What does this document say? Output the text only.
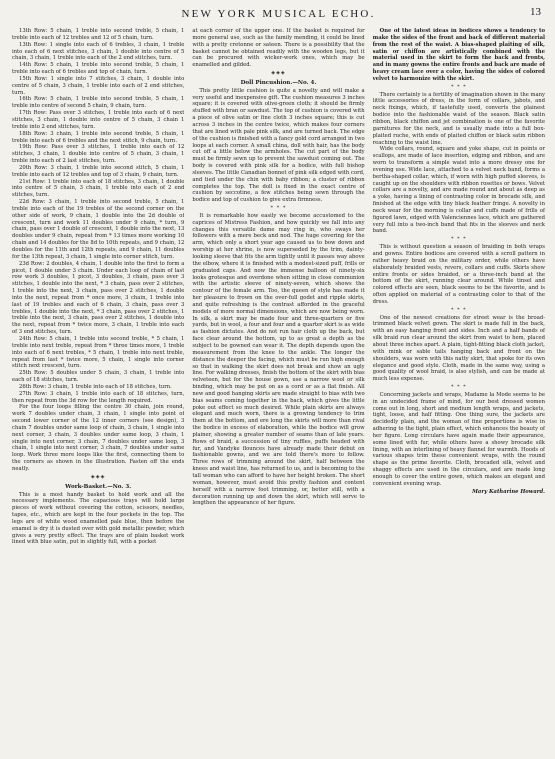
NEW YORK MUSICAL ECHO.	13

13th Row: 5 chain, 1 treble into second treble, 5 chain, 1 treble into each of 12 trebles and 12 of 5 chain, turn.

13th Row: 1 single into each of 6 trebles, 3 chain, 1 treble into each of 6 next stitches, 3 chain, 1 double into centre of 5 chain, 3 chain, 1 treble into each of the 2 end stitches, turn.

14th Row: 5 chain, 1 treble into second treble, 5 chain, 1 treble into each of 6 trebles and top of chain, turn.

15th Row: 1 single into 7 stitches, 3 chain, 1 double into centre of 5 chain, 3 chain, 1 treble into each of 2 end stitches, turn.

16th Row: 5 chain, 1 treble into second treble, 5 chain, 1 treble into centre of second 5 chain, 9 chain, turn.

17th Row: Pass over 3 stitches, 1 treble into each of 6 next stitches, 3 chain, 1 double into centre of 5 chain, 3 chain 1 treble into 2 end stitches, turn.

18th Row: 3 chain, 1 treble into second treble, 5 chain, 1 treble into each of 6 trebles and the next stitch, 9 chain, turn.

19th Row: Pass over 3 stitches, 1 treble into each of 12 stitches, 3 chain, 1 double into centre of 5 chain, 3 chain, 1 treble into each of 2 last stitches, turn.

20th Row: 3 chain, 1 treble into second stitch, 5 chain, 1 treble into each of 12 trebles and top of 3 chain, 9 chain, turn.

21st Row: 1 treble into each of 18 stitches, 3 chain, 1 double into centre of 5 chain, 3 chain, 1 treble into each of 2 end stitches, turn.

22d Row: 3 chain, 1 treble into second treble, 5 chain, 1 treble into each of the 19 trebles of the second corner on the other side of work, 9 chain, 1 double into the 2d double of crescent, turn and work 11 doubles under 9 chain, * turn, 9 chain, pass over 1 double of crescent, 1 double into the next, 13 doubles under 9 chain, repeat from * 13 times more working 10 chain and 14 doubles for the 8d to 10th repeats, and 9 chain, 12 doubles for the 11th and 12th repeats, and 9 chain, 11 doubles for the 13th repeat, 3 chain, 1 single into corner stitch, turn.

23d Row: 2 doubles, 4 chain, 1 double into the first to form a picot, 1 double under 3 chain. Under each loop of chain of last row work 3 doubles, 1 picot, 3 doubles, 3 chain, pass over 3 stitches, 1 double into the next, * 3 chain, pass over 2 stitches, 1 treble into the next, 3 chain, pass over 2 stitches, 1 double into the next, repeat from * once more, 3 chain, 1 treble into last of 19 trebles and each of 6 chain, 3 chain, pass over 3 trebles, 1 double into the next, * 3 chain, pass over 2 stitches, 1 treble into the next, 3 chain, pass over 2 stitches, 1 double into the next, repeat from * twice more, 3 chain, 1 treble into each of 3 end stitches, turn.

24th Row: 5 chain, 1 treble into second treble, * 5 chain, 1 treble into next treble, repeat from * three times more, 1 treble into each of 6 next trebles, * 5 chain, 1 treble into next treble, repeat from last * twice more, 5 chain, 1 single into corner stitch next crescent, turn.

25th Row: 5 doubles under 5 chain, 3 chain, 1 treble into each of 18 stitches, turn.

26th Row: 3 chain, 1 treble into each of 18 stitches, turn.

27th Row: 3 chain, 1 treble into each of 18 stitches, turn, then repeat from the 3d row for the length required.

For the four loops filling the centre 30 chain, join round, work 7 doubles under chain, 3 chain, 1 single into point of second lower corner of the 12 inner corners (see design), 3 chain 7 doubles under same loop of chain, 3 chain, 1 single into next corner, 3 chain, 3 doubles under same loop, 3 chain, 1 single into next corner, 3 chain, 7 doubles under same loop, 3 chain, 1 single into next corner, 3 chain, 7 doubles under same loop. Work three more loops like the first, connecting them to the corners as shown in the illustration. Fasten off the ends neatly.

◈◈◈
Work-Basket.—No. 3.

This is a most handy basket to hold work and all the necessary implements. The capacious trays will hold large pieces of work without covering the cotton, scissors, needles, tapes, etc., which are kept in the four pockets in the top. The legs are of white wood enamelled pale blue, then before the enamel is dry it is dusted over with gold metallic powder, which gives a very pretty effect. The trays are of plain basket work lined with blue satin, put in slightly full, with a pocket

at each corner of the upper one. If the basket is required for more general use, such as the family mending, it could be lined with a pretty cretonne or sateen. There is a possibility that the basket cannot be obtained readily with the wooden legs, but it can be procured with wicker-work ones, which may be enamelled and gilded.

◈◈◈
Doll Pincushion.—No. 4.

This pretty little cushion is quite a novelty and will make a very useful and inexpensive gift. The cushion measures 3 inches square; it is covered with olive-green cloth; it should be firmly stuffed with bran or sawdust. The top of cushion is covered with a piece of olive satin or fine cloth 3 inches square; this is cut across 3 inches in the centre twice, which makes four corners that are lined with pale pink silk, and are turned back. The edge of the cushion is finished with a fancy gold cord arranged in two loops at each corner. A small china, doll with hair, has the body cut off a little below the armholes. The cut part of the body must be firmly sewn up to prevent the sawdust coming out. The body is covered with pink silk for a bodice, with full bishop sleeves. The little Canadian bonnet of pink silk edged with cord, and tied under the chin with baby ribbon; a cluster of ribbon completes the top. The doll is fixed in the exact centre of cushion by seccotine, a few stitches being sewn through the bodice and top of cushion to give extra firmness.

* * *

It is remarkable how easily we become accustomed to the caprices of Mistress Fashion, and how quickly we fall into any changes this versatile dame may ring in, who sways her followers with a mere beck and nod. The huge covering for the arm, which only a short year ago caused us to bow down and worship at her shrine, is now superseded by the trim, dainty-looking sleeve that fits the arm tightly until it passes way above the elbow, where it is finished with a modest-sized puff, frills or graduated caps. And now the immense balloon of ninety-six looks grotesque and overdone when sitting in close communion with the artistic sleeve of ninety-seven, which shows the contour of the female arm. Too, the queen of style has made it her pleasure to frown on the over-full godet and ripple skirts, and quite refreshing is the contrast afforded in the graceful models of more normal dimensions, which are now being worn. In silk, a skirt may be made four and three-quarters or five yards, but in wool, a four and four and a quarter skirt is as wide as fashion dictates. And do not run hair cloth up the back, but face clear around the bottom, up to as great a depth as the subject to be gowned can wear it. The depth depends upon the measurement from the knee to the ankle. The longer the distance the deeper the facing, which must be run high enough so that in walking the skirt does not break and show an ugly line. For walking dresses, finish the bottom of the skirt with bias velveteen, but for the house gown, use a narrow wool or silk binding, which may be put on as a cord or as a flat finish. All new and good hanging skirts are made straight to bias with two bias seams coming together in the back, which gives the little poke out effect so much desired. While plain skirts are always elegant and much worn, there is a growing tendency to trim them at the bottom, and ere long the skirts will more than rival the bodice in excess of elaboration, while the bodice will grow plainer, showing a greater number of seams than of late years. Rows of braid, a succession of tiny ruffles, puffs headed with fur, and Vandyke flounces have already made their debut on fashionable gowns, and we are told there's more to follow. Three rows of trimming around the skirt, half between the knees and waist line, has returned to us, and is becoming to the tall woman who can afford to have her height broken. The short woman, however, must avoid this pretty fashion and content herself with a narrow foot trimming, or, better still, with a decoration running up and down the skirt, which will serve to lengthen the appearance of her figure.

One of the latest ideas in bodices shows a tendency to make the sides of the front and back of different material from the rest of the waist. A bias-shaped plaiting of silk, satin or chiffon are artistically combined with the material used in the skirt to form the back and fronts, and in many gowns the entire fronts and back are made of heavy cream lace over a color, having the sides of colored velvet to harmonize with the skirt.

* * *

There certainly is a fertility of imagination shown in the many little accessories of dress, in the form of collars, jabots, and neck fixings, which, if tastefully used, converts the plainest bodice into the fashionable waist of the season. Black satin ribbon, black chiffon and jet combination is one of the favorite garnitures for the neck, and is usually made into a full box-plaited ruche, with ends of plaited chiffon or black satin ribbon reaching to the waist line.

Wide collars, round, square and yoke shape, cut in points or scallops, are made of lace insertion, edging and ribbon, and are worn to transform a simple waist into a more dressy one for evening use. Wide lace, attached to a velvet neck band, forms a bertha-shaped collar, which, if worn with high puffed sleeves, is caught up on the shoulders with ribbon rosettes or bows. Velvet collars are a novelty, and are made round and about as deep as a yoke, having a lining of contrasting color in brocade silk, and finished at the edge with tiny black feather fringe. A novelty in neck wear for the morning is collar and cuffs made of frills of figured lawn, edged with Valenciennes lace, which are gathered very full into a two-inch band that fits in the sleeves and neck band.

* * *

This is without question a season of braiding in both wraps and gowns. Entire bodices are covered with a scroll pattern in rather heavy braid on the military order, while others have elaborately braided vests, revers, collars and cuffs. Skirts show entire fronts or sides braided, or a three-inch band at the bottom of the skirt, running clear around. While tinsel and colored effects are seen, black seems to be the favorite, and is often applied on material of a contrasting color to that of the dress.

* * *

One of the newest creations for street wear is the broad-trimmed black velvet gown. The skirt is made full in the back, with an easy hanging front and sides. Inch and a half bands of silk braid run clear around the skirt from waist to hem, placed about three inches apart. A plain, tight-fitting black cloth jacket, with mink or sable tails hanging back and front on the shoulders, was worn with this natty skirt, that spoke for its own elegance and good style. Cloth, made in the same way, using a good quality of wool braid, is also stylish, and can be made at much less expense.

* * *

Concerning jackets and wraps, Madame la Mode seems to be in an undecided frame of mind, for our best dressed women come out in long, short and medium length wraps, and jackets, tight, loose, and half fitting. One thing sure, the jackets are decidedly plain, and the woman of fine proportions is wise in adhering to the tight, plain effect, which enhances the beauty of her figure. Long circulars have again made their appearance, some lined with fur, while others have a showy brocade silk lining, with an interlining of heavy flannel for warmth. Hoods of various shapes trim these convenient wraps, with the round shape as the prime favorite. Cloth, brocaded silk, velvet and shaggy effects are used in the circulars, and are made long enough to cover the entire gown, which makes an elegant and convenient evening wrap.

Mary Katharine Howard.
